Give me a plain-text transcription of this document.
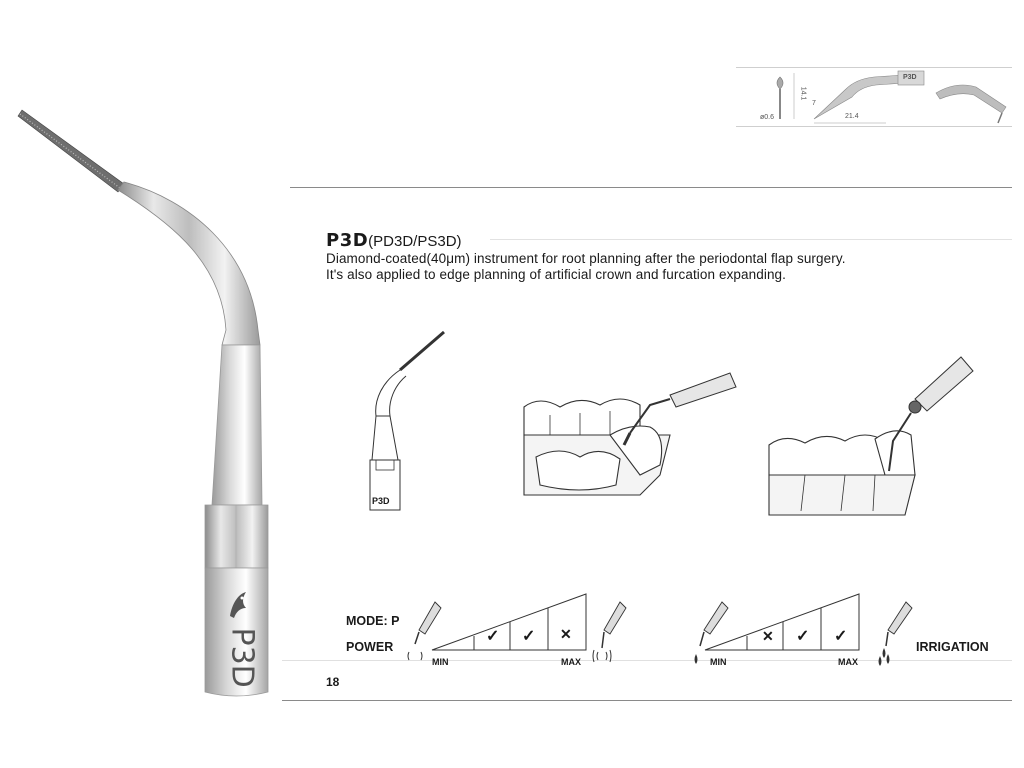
P3D
ø0.6
14.1
7
21.4
P3D
P3D(PD3D/PS3D)
Diamond-coated(40μm) instrument for root planning after the periodontal flap surgery.
It's also applied to edge planning of artificial crown and furcation expanding.
P3D
MODE: P
POWER
✓ ✓ ✕
MIN	MAX
✕ ✓ ✓
MIN	MAX
IRRIGATION
18
